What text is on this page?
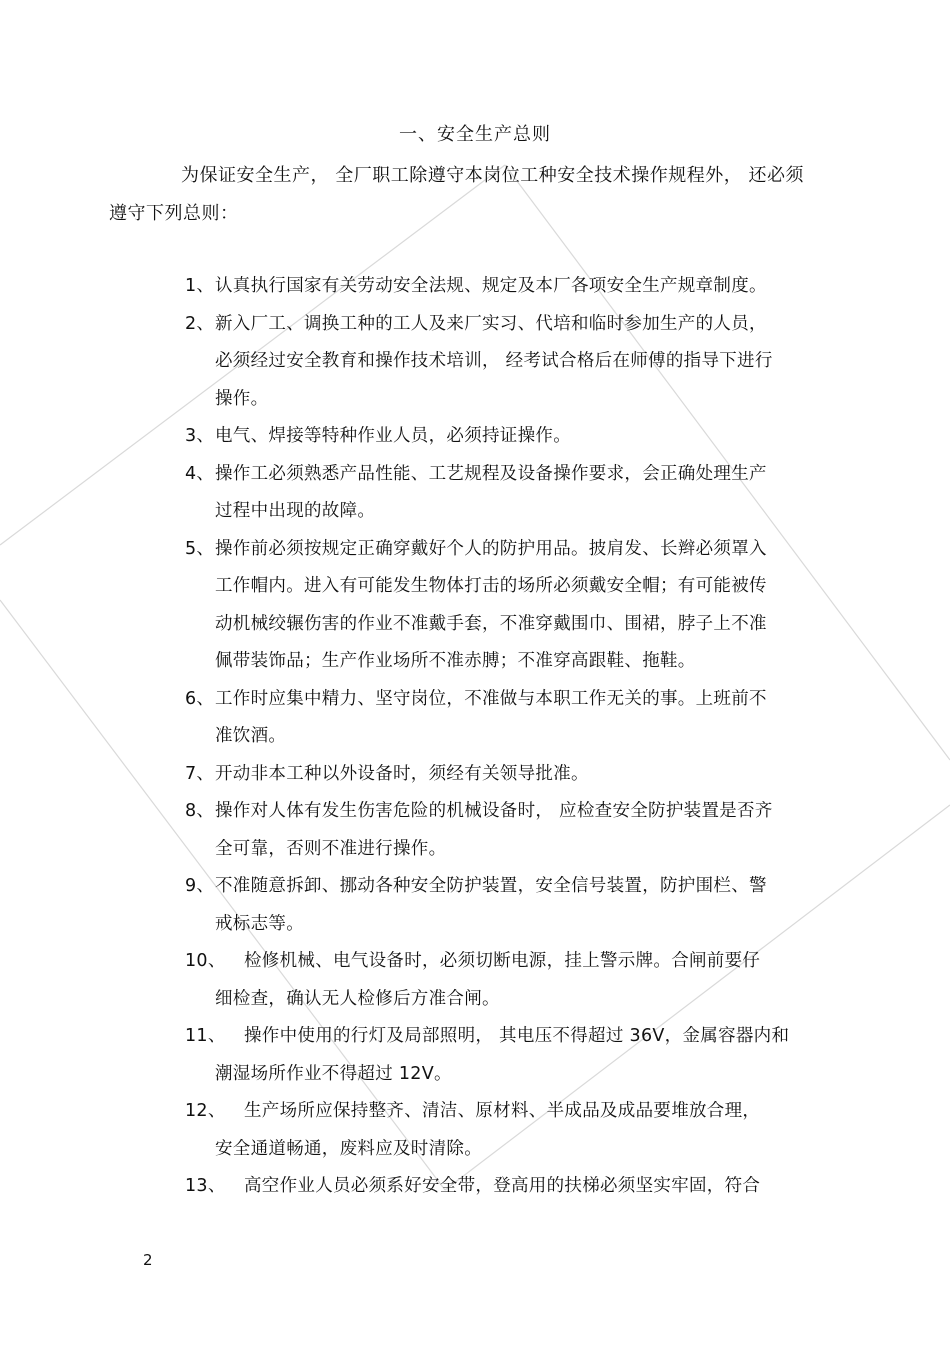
一、安全生产总则
为保证安全生产， 全厂职工除遵守本岗位工种安全技术操作规程外， 还必须
遵守下列总则：
1、 认真执行国家有关劳动安全法规、规定及本厂各项安全生产规章制度。
2、 新入厂工、调换工种的工人及来厂实习、代培和临时参加生产的人员，
必须经过安全教育和操作技术培训， 经考试合格后在师傅的指导下进行
操作。
3、 电气、焊接等特种作业人员，必须持证操作。
4、 操作工必须熟悉产品性能、工艺规程及设备操作要求，会正确处理生产
过程中出现的故障。
5、 操作前必须按规定正确穿戴好个人的防护用品。披肩发、长辫必须罩入
工作帽内。进入有可能发生物体打击的场所必须戴安全帽；有可能被传
动机械绞辗伤害的作业不准戴手套，不准穿戴围巾、围裙，脖子上不准
佩带装饰品；生产作业场所不准赤膊；不准穿高跟鞋、拖鞋。
6、 工作时应集中精力、坚守岗位，不准做与本职工作无关的事。上班前不
准饮酒。
7、 开动非本工种以外设备时，须经有关领导批准。
8、 操作对人体有发生伤害危险的机械设备时， 应检查安全防护装置是否齐
全可靠，否则不准进行操作。
9、 不准随意拆卸、挪动各种安全防护装置，安全信号装置，防护围栏、警
戒标志等。
10、 检修机械、电气设备时，必须切断电源，挂上警示牌。合闸前要仔
细检查，确认无人检修后方准合闸。
11、 操作中使用的行灯及局部照明， 其电压不得超过 36V，金属容器内和
潮湿场所作业不得超过 12V。
12、 生产场所应保持整齐、清洁、原材料、半成品及成品要堆放合理，
安全通道畅通，废料应及时清除。
13、 高空作业人员必须系好安全带，登高用的扶梯必须坚实牢固，符合
2
